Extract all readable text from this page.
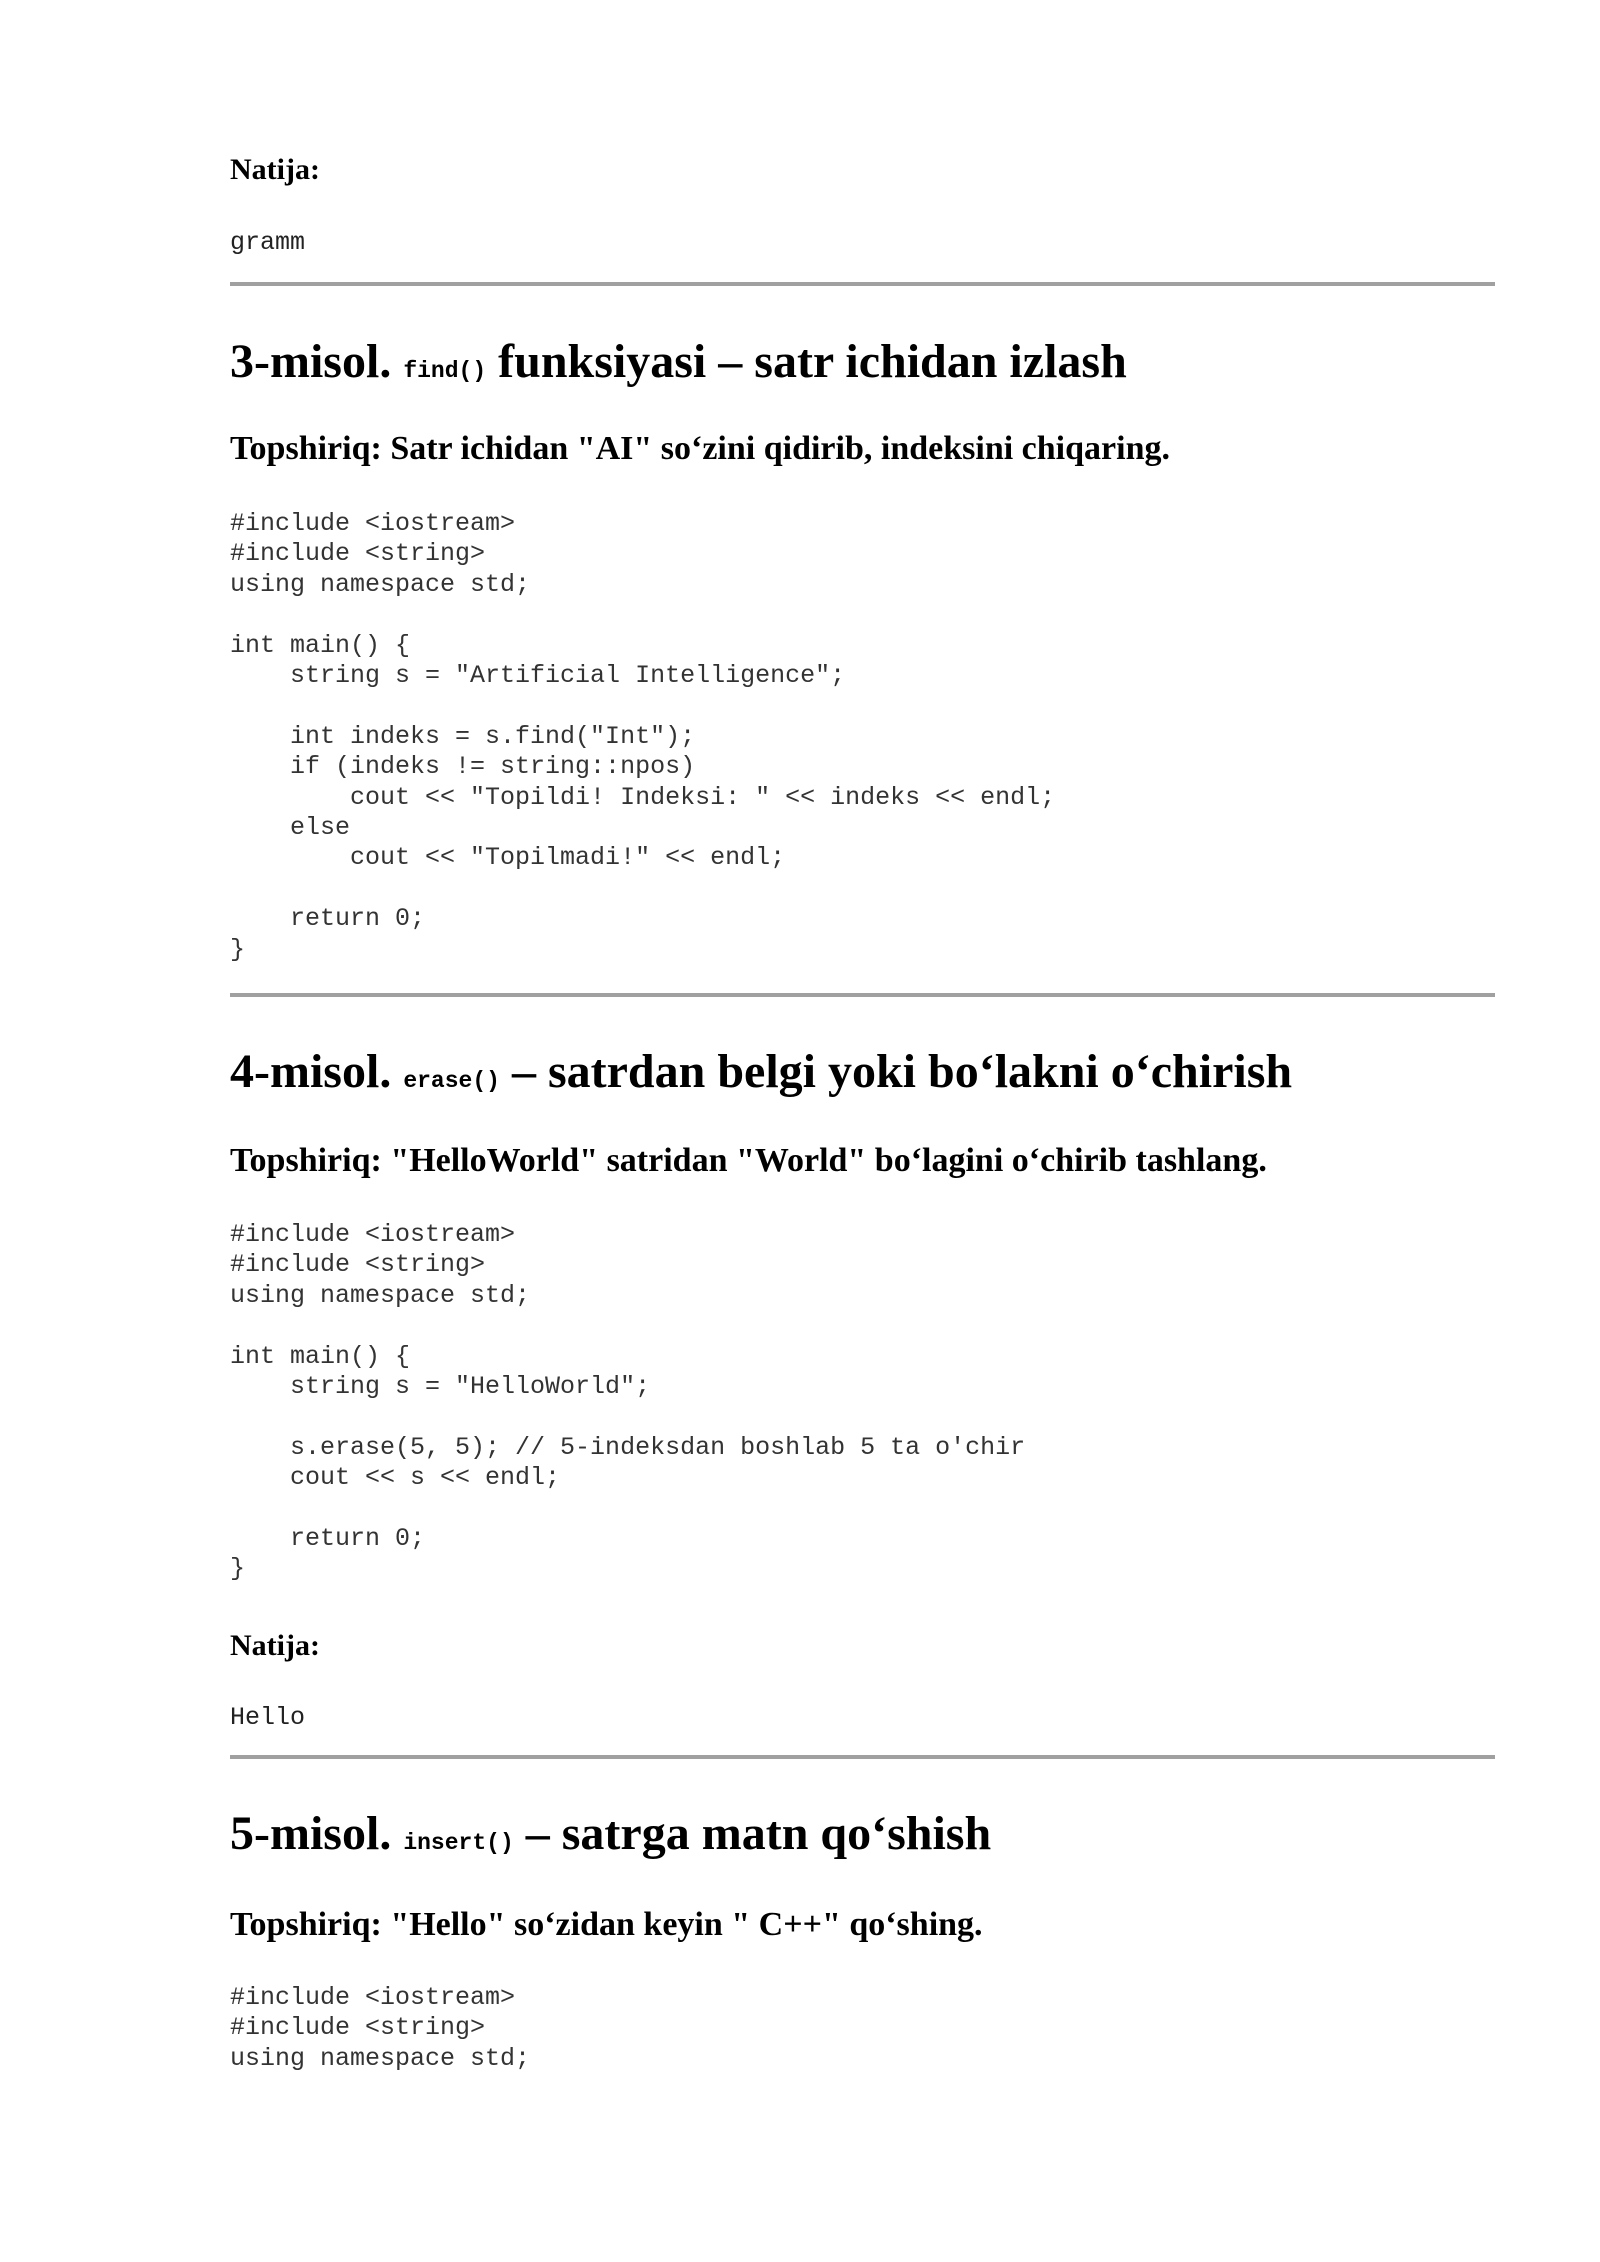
Natija:

gramm
3-misol. find() funksiyasi – satr ichidan izlash
Topshiriq: Satr ichidan "AI" so‘zini qidirib, indeksini chiqaring.
#include <iostream>
#include <string>
using namespace std;

int main() {
string s = "Artificial Intelligence";

int indeks = s.find("Int");
if (indeks != string::npos)
cout << "Topildi! Indeksi: " << indeks << endl;
else
cout << "Topilmadi!" << endl;

return 0;
}
4-misol. erase() – satrdan belgi yoki bo‘lakni o‘chirish
Topshiriq: "HelloWorld" satridan "World" bo‘lagini o‘chirib tashlang.
#include <iostream>
#include <string>
using namespace std;

int main() {
string s = "HelloWorld";

s.erase(5, 5); // 5-indeksdan boshlab 5 ta o'chir
cout << s << endl;

return 0;
}

Natija:

Hello
5-misol. insert() – satrga matn qo‘shish
Topshiriq: "Hello" so‘zidan keyin " C++" qo‘shing.
#include <iostream>
#include <string>
using namespace std;
